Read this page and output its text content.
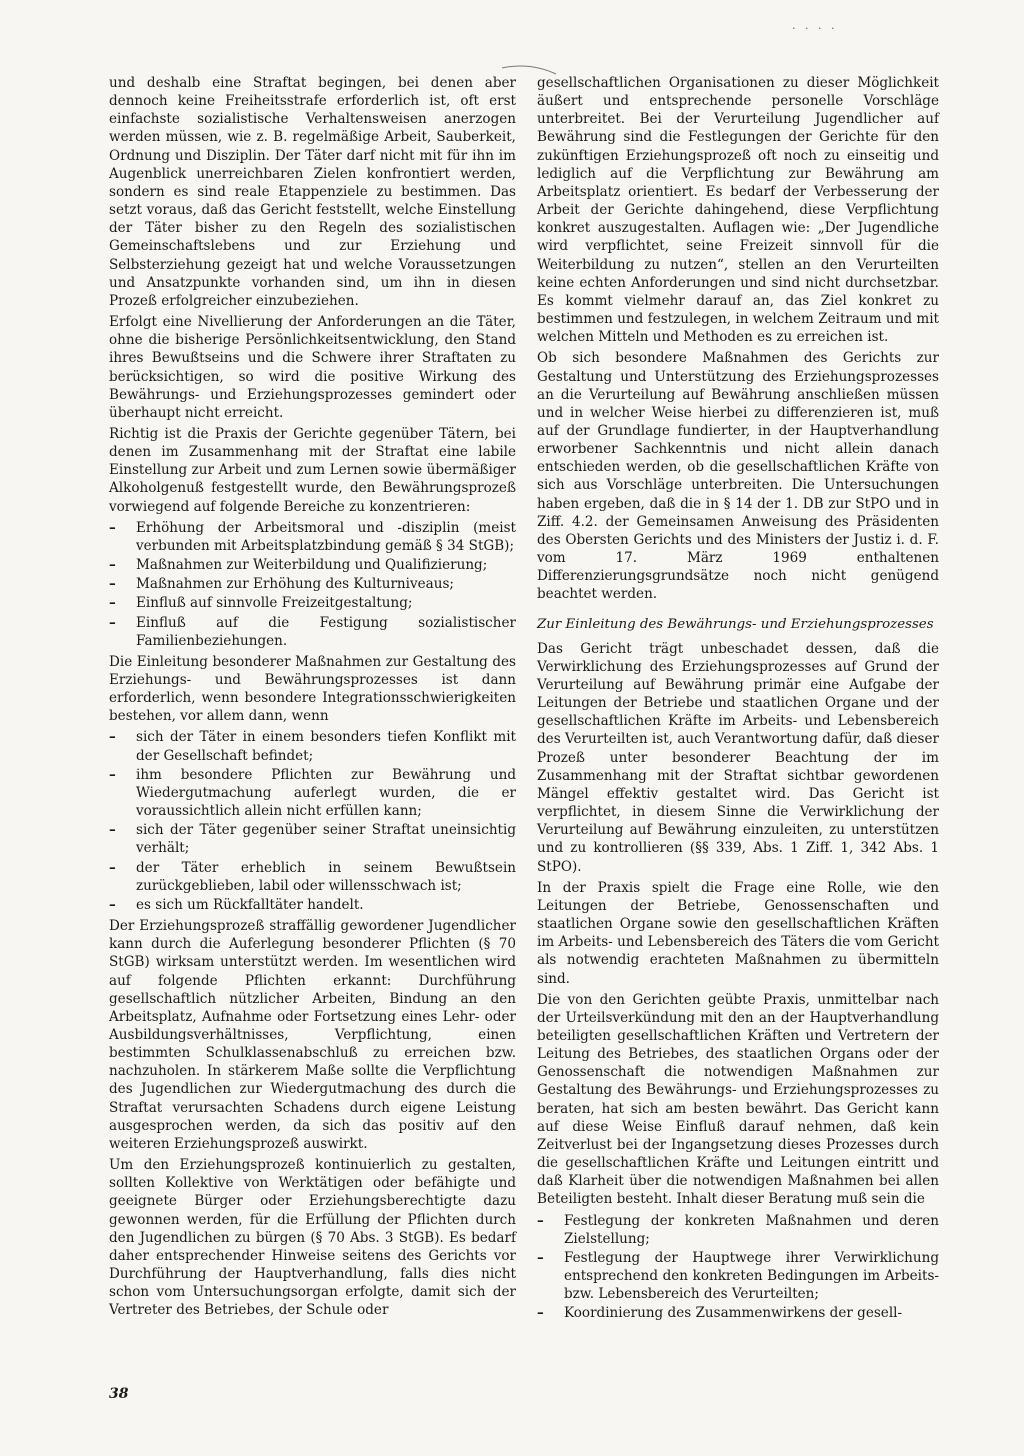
· · · ·

und deshalb eine Straftat begingen, bei denen aber dennoch keine Freiheitsstrafe erforderlich ist, oft erst einfachste sozialistische Verhaltensweisen anerzogen werden müssen, wie z. B. regelmäßige Arbeit, Sauberkeit, Ordnung und Disziplin. Der Täter darf nicht mit für ihn im Augenblick unerreichbaren Zielen konfrontiert werden, sondern es sind reale Etappenziele zu bestimmen. Das setzt voraus, daß das Gericht feststellt, welche Einstellung der Täter bisher zu den Regeln des sozialistischen Gemeinschaftslebens und zur Erziehung und Selbsterziehung gezeigt hat und welche Voraussetzungen und Ansatzpunkte vorhanden sind, um ihn in diesen Prozeß erfolgreicher einzubeziehen.

Erfolgt eine Nivellierung der Anforderungen an die Täter, ohne die bisherige Persönlichkeitsentwicklung, den Stand ihres Bewußtseins und die Schwere ihrer Straftaten zu berücksichtigen, so wird die positive Wirkung des Bewährungs- und Erziehungsprozesses gemindert oder überhaupt nicht erreicht.

Richtig ist die Praxis der Gerichte gegenüber Tätern, bei denen im Zusammenhang mit der Straftat eine labile Einstellung zur Arbeit und zum Lernen sowie übermäßiger Alkoholgenuß festgestellt wurde, den Bewährungsprozeß vorwiegend auf folgende Bereiche zu konzentrieren:

– Erhöhung der Arbeitsmoral und -disziplin (meist verbunden mit Arbeitsplatzbindung gemäß § 34 StGB);
– Maßnahmen zur Weiterbildung und Qualifizierung;
– Maßnahmen zur Erhöhung des Kulturniveaus;
– Einfluß auf sinnvolle Freizeitgestaltung;
– Einfluß auf die Festigung sozialistischer Familienbeziehungen.

Die Einleitung besonderer Maßnahmen zur Gestaltung des Erziehungs- und Bewährungsprozesses ist dann erforderlich, wenn besondere Integrationsschwierigkeiten bestehen, vor allem dann, wenn

– sich der Täter in einem besonders tiefen Konflikt mit der Gesellschaft befindet;
– ihm besondere Pflichten zur Bewährung und Wiedergutmachung auferlegt wurden, die er voraussichtlich allein nicht erfüllen kann;
– sich der Täter gegenüber seiner Straftat uneinsichtig verhält;
– der Täter erheblich in seinem Bewußtsein zurückgeblieben, labil oder willensschwach ist;
– es sich um Rückfalltäter handelt.

Der Erziehungsprozeß straffällig gewordener Jugendlicher kann durch die Auferlegung besonderer Pflichten (§ 70 StGB) wirksam unterstützt werden. Im wesentlichen wird auf folgende Pflichten erkannt: Durchführung gesellschaftlich nützlicher Arbeiten, Bindung an den Arbeitsplatz, Aufnahme oder Fortsetzung eines Lehr- oder Ausbildungsverhältnisses, Verpflichtung, einen bestimmten Schulklassenabschluß zu erreichen bzw. nachzuholen. In stärkerem Maße sollte die Verpflichtung des Jugendlichen zur Wiedergutmachung des durch die Straftat verursachten Schadens durch eigene Leistung ausgesprochen werden, da sich das positiv auf den weiteren Erziehungsprozeß auswirkt.

Um den Erziehungsprozeß kontinuierlich zu gestalten, sollten Kollektive von Werktätigen oder befähigte und geeignete Bürger oder Erziehungsberechtigte dazu gewonnen werden, für die Erfüllung der Pflichten durch den Jugendlichen zu bürgen (§ 70 Abs. 3 StGB). Es bedarf daher entsprechender Hinweise seitens des Gerichts vor Durchführung der Hauptverhandlung, falls dies nicht schon vom Untersuchungsorgan erfolgte, damit sich der Vertreter des Betriebes, der Schule oder

gesellschaftlichen Organisationen zu dieser Möglichkeit äußert und entsprechende personelle Vorschläge unterbreitet. Bei der Verurteilung Jugendlicher auf Bewährung sind die Festlegungen der Gerichte für den zukünftigen Erziehungsprozeß oft noch zu einseitig und lediglich auf die Verpflichtung zur Bewährung am Arbeitsplatz orientiert. Es bedarf der Verbesserung der Arbeit der Gerichte dahingehend, diese Verpflichtung konkret auszugestalten. Auflagen wie: „Der Jugendliche wird verpflichtet, seine Freizeit sinnvoll für die Weiterbildung zu nutzen“, stellen an den Verurteilten keine echten Anforderungen und sind nicht durchsetzbar. Es kommt vielmehr darauf an, das Ziel konkret zu bestimmen und festzulegen, in welchem Zeitraum und mit welchen Mitteln und Methoden es zu erreichen ist.

Ob sich besondere Maßnahmen des Gerichts zur Gestaltung und Unterstützung des Erziehungsprozesses an die Verurteilung auf Bewährung anschließen müssen und in welcher Weise hierbei zu differenzieren ist, muß auf der Grundlage fundierter, in der Hauptverhandlung erworbener Sachkenntnis und nicht allein danach entschieden werden, ob die gesellschaftlichen Kräfte von sich aus Vorschläge unterbreiten. Die Untersuchungen haben ergeben, daß die in § 14 der 1. DB zur StPO und in Ziff. 4.2. der Gemeinsamen Anweisung des Präsidenten des Obersten Gerichts und des Ministers der Justiz i. d. F. vom 17. März 1969 enthaltenen Differenzierungsgrundsätze noch nicht genügend beachtet werden.

Zur Einleitung des Bewährungs- und Erziehungsprozesses

Das Gericht trägt unbeschadet dessen, daß die Verwirklichung des Erziehungsprozesses auf Grund der Verurteilung auf Bewährung primär eine Aufgabe der Leitungen der Betriebe und staatlichen Organe und der gesellschaftlichen Kräfte im Arbeits- und Lebensbereich des Verurteilten ist, auch Verantwortung dafür, daß dieser Prozeß unter besonderer Beachtung der im Zusammenhang mit der Straftat sichtbar gewordenen Mängel effektiv gestaltet wird. Das Gericht ist verpflichtet, in diesem Sinne die Verwirklichung der Verurteilung auf Bewährung einzuleiten, zu unterstützen und zu kontrollieren (§§ 339, Abs. 1 Ziff. 1, 342 Abs. 1 StPO).

In der Praxis spielt die Frage eine Rolle, wie den Leitungen der Betriebe, Genossenschaften und staatlichen Organe sowie den gesellschaftlichen Kräften im Arbeits- und Lebensbereich des Täters die vom Gericht als notwendig erachteten Maßnahmen zu übermitteln sind.

Die von den Gerichten geübte Praxis, unmittelbar nach der Urteilsverkündung mit den an der Hauptverhandlung beteiligten gesellschaftlichen Kräften und Vertretern der Leitung des Betriebes, des staatlichen Organs oder der Genossenschaft die notwendigen Maßnahmen zur Gestaltung des Bewährungs- und Erziehungsprozesses zu beraten, hat sich am besten bewährt. Das Gericht kann auf diese Weise Einfluß darauf nehmen, daß kein Zeitverlust bei der Ingangsetzung dieses Prozesses durch die gesellschaftlichen Kräfte und Leitungen eintritt und daß Klarheit über die notwendigen Maßnahmen bei allen Beteiligten besteht. Inhalt dieser Beratung muß sein die

– Festlegung der konkreten Maßnahmen und deren Zielstellung;
– Festlegung der Hauptwege ihrer Verwirklichung entsprechend den konkreten Bedingungen im Arbeits- bzw. Lebensbereich des Verurteilten;
– Koordinierung des Zusammenwirkens der gesell-
38
